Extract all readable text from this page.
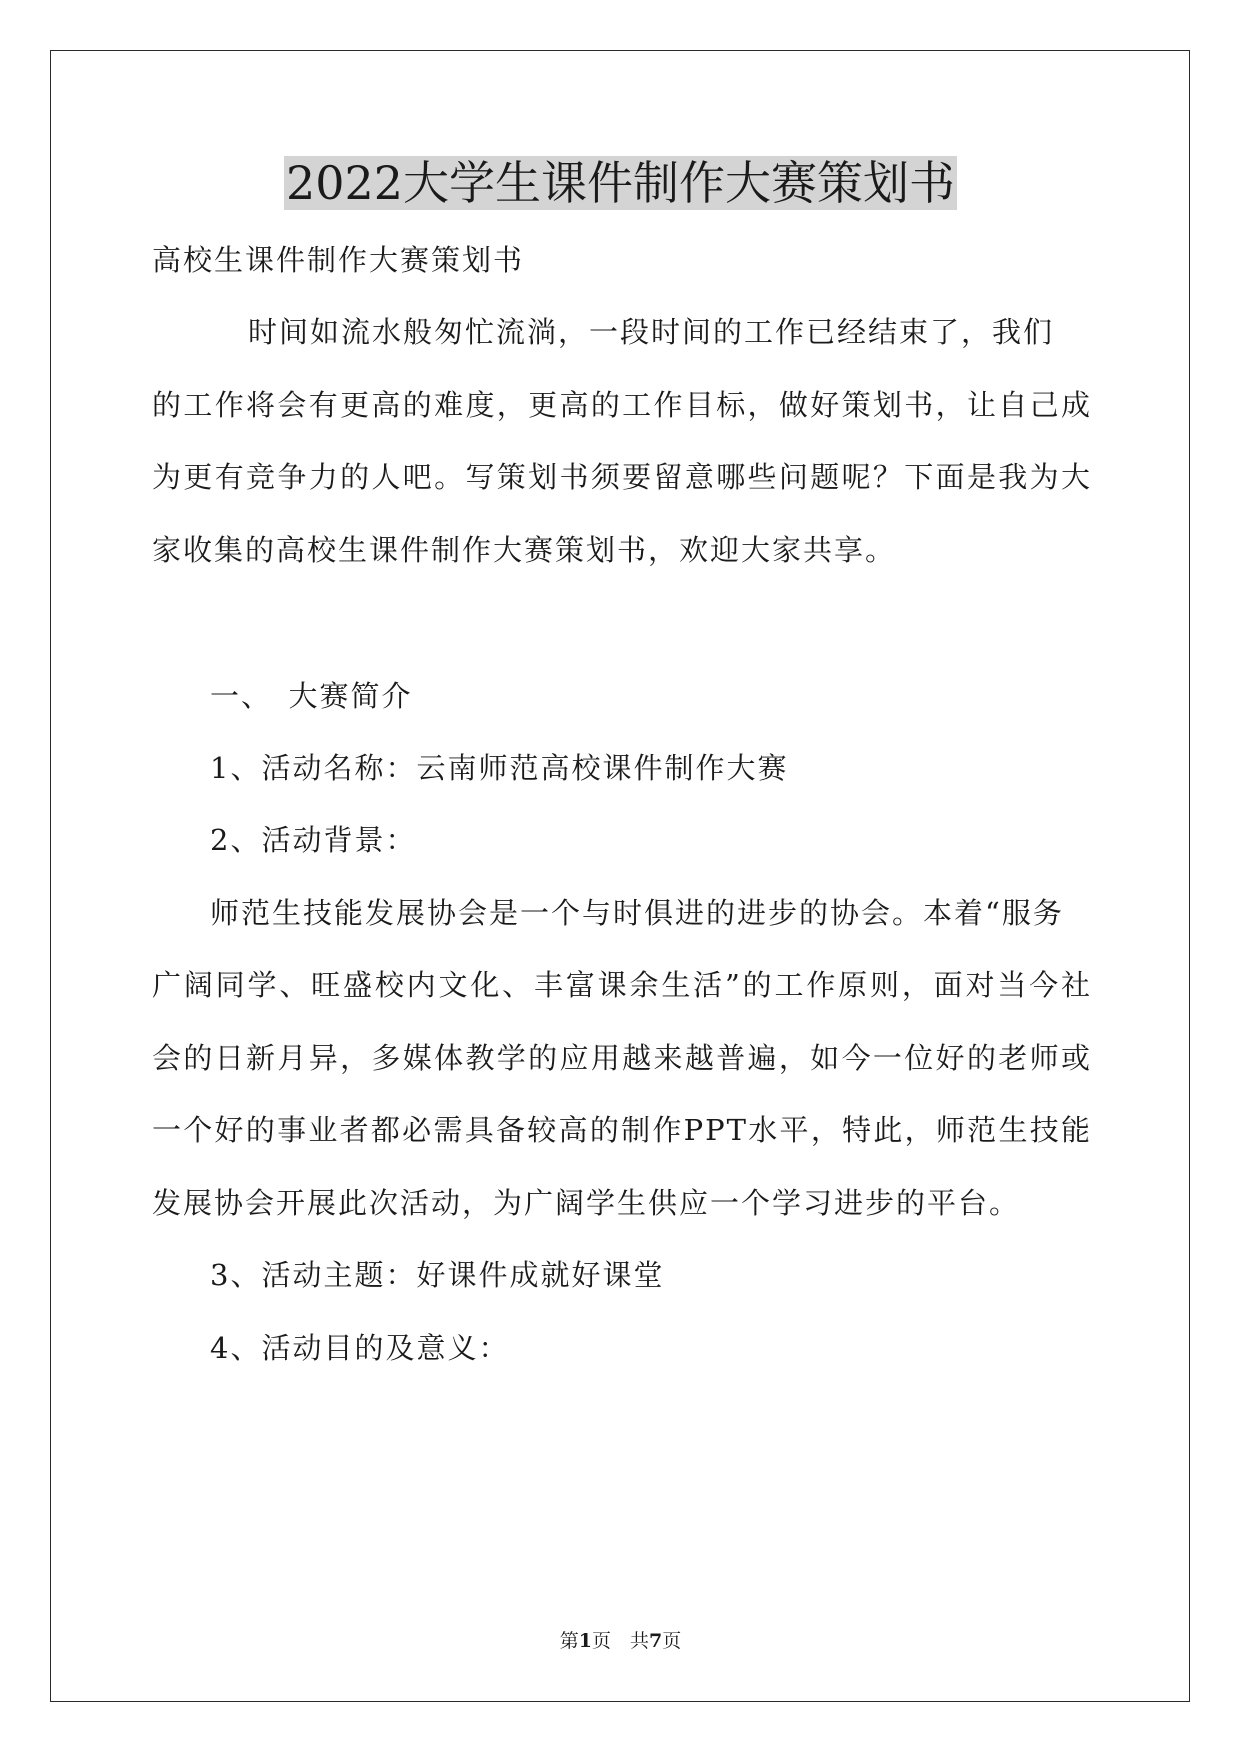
2022大学生课件制作大赛策划书

高校生课件制作大赛策划书

时间如流水般匆忙流淌，一段时间的工作已经结束了，我们

的工作将会有更高的难度，更高的工作目标，做好策划书，让自己成

为更有竞争力的人吧。写策划书须要留意哪些问题呢？下面是我为大

家收集的高校生课件制作大赛策划书，欢迎大家共享。

一、　大赛简介

1、活动名称：云南师范高校课件制作大赛

2、活动背景：

师范生技能发展协会是一个与时俱进的进步的协会。本着“服务

广阔同学、旺盛校内文化、丰富课余生活”的工作原则，面对当今社

会的日新月异，多媒体教学的应用越来越普遍，如今一位好的老师或

一个好的事业者都必需具备较高的制作PPT水平，特此，师范生技能

发展协会开展此次活动，为广阔学生供应一个学习进步的平台。

3、活动主题：好课件成就好课堂

4、活动目的及意义：

第1页　共7页
